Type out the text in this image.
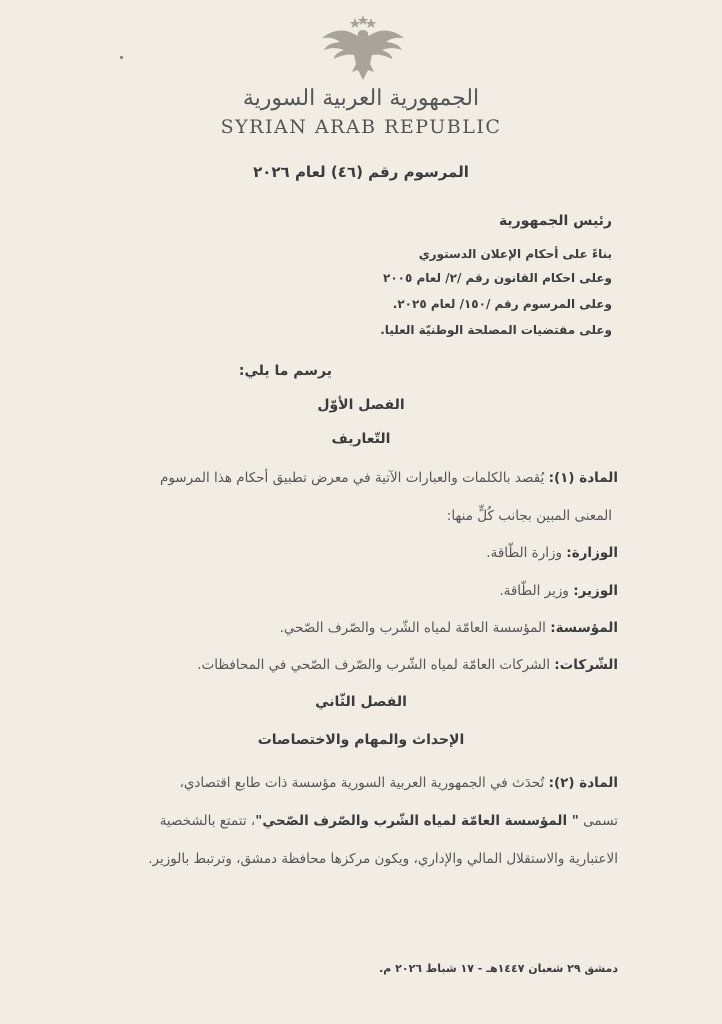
الجمهورية العربية السورية
SYRIAN ARAB REPUBLIC
المرسوم رقم (٤٦) لعام ٢٠٢٦
رئيس الجمهورية
بناءً على أحكام الإعلان الدستوري
وعلى احكام القانون رقم /٢/ لعام ٢٠٠٥
وعلى المرسوم رقم /١٥٠/ لعام ٢٠٢٥.
وعلى مقتضيات المصلحة الوطنيّة العليا.
يرسم ما يلي:
الفصل الأوّل
التّعاريف
المادة (١): يُقصد بالكلمات والعبارات الآتية في معرض تطبيق أحكام هذا المرسوم
المعنى المبين بجانب كُلٍّ منها:
الوزارة: وزارة الطّاقة.
الوزير: وزير الطّاقة.
المؤسسة: المؤسسة العامّة لمياه الشّرب والصّرف الصّحي.
الشّركات: الشركات العامّة لمياه الشّرب والصّرف الصّحي في المحافظات.
الفصل الثّاني
الإحداث والمهام والاختصاصات
المادة (٢): تُحدَث في الجمهورية العربية السورية مؤسسة ذات طابع اقتصادي،
تسمى " المؤسسة العامّة لمياه الشّرب والصّرف الصّحي"، تتمتع بالشخصية
الاعتبارية والاستقلال المالي والإداري، ويكون مركزها محافظة دمشق، وترتبط بالوزير.
دمشق ٢٩ شعبان ١٤٤٧هـ - ١٧ شباط ٢٠٢٦ م.
